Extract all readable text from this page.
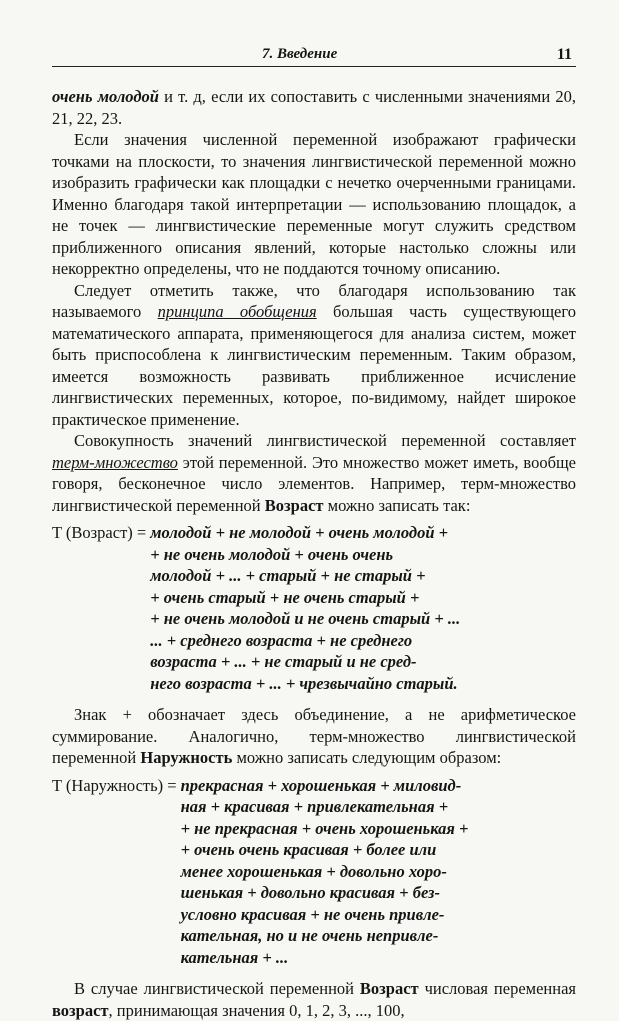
7. Введение	11

очень молодой и т. д, если их сопоставить с численными значениями 20, 21, 22, 23.

Если значения численной переменной изображают графически точками на плоскости, то значения лингвистической переменной можно изобразить графически как площадки с нечетко очерченными границами. Именно благодаря такой интерпретации — использованию площадок, а не точек — лингвистические переменные могут служить средством приближенного описания явлений, которые настолько сложны или некорректно определены, что не поддаются точному описанию.

Следует отметить также, что благодаря использованию так называемого принципа обобщения большая часть существующего математического аппарата, применяющегося для анализа систем, может быть приспособлена к лингвистическим переменным. Таким образом, имеется возможность развивать приближенное исчисление лингвистических переменных, которое, по-видимому, найдет широкое практическое применение.

Совокупность значений лингвистической переменной составляет терм-множество этой переменной. Это множество может иметь, вообще говоря, бесконечное число элементов. Например, терм-множество лингвистической переменной Возраст можно записать так:

T (Возраст) = молодой + не молодой + очень молодой +
+ не очень молодой + очень очень
молодой + ... + старый + не старый +
+ очень старый + не очень старый +
+ не очень молодой и не очень старый + ...
... + среднего возраста + не среднего
возраста + ... + не старый и не сред-
него возраста + ... + чрезвычайно старый.

Знак + обозначает здесь объединение, а не арифметическое суммирование. Аналогично, терм-множество лингвистической переменной Наружность можно записать следующим образом:

T (Наружность) = прекрасная + хорошенькая + миловид-
ная + красивая + привлекательная +
+ не прекрасная + очень хорошенькая +
+ очень очень красивая + более или
менее хорошенькая + довольно хоро-
шенькая + довольно красивая + без-
условно красивая + не очень привле-
кательная, но и не очень непривле-
кательная + ...

В случае лингвистической переменной Возраст числовая переменная возраст, принимающая значения 0, 1, 2, 3, ..., 100,
